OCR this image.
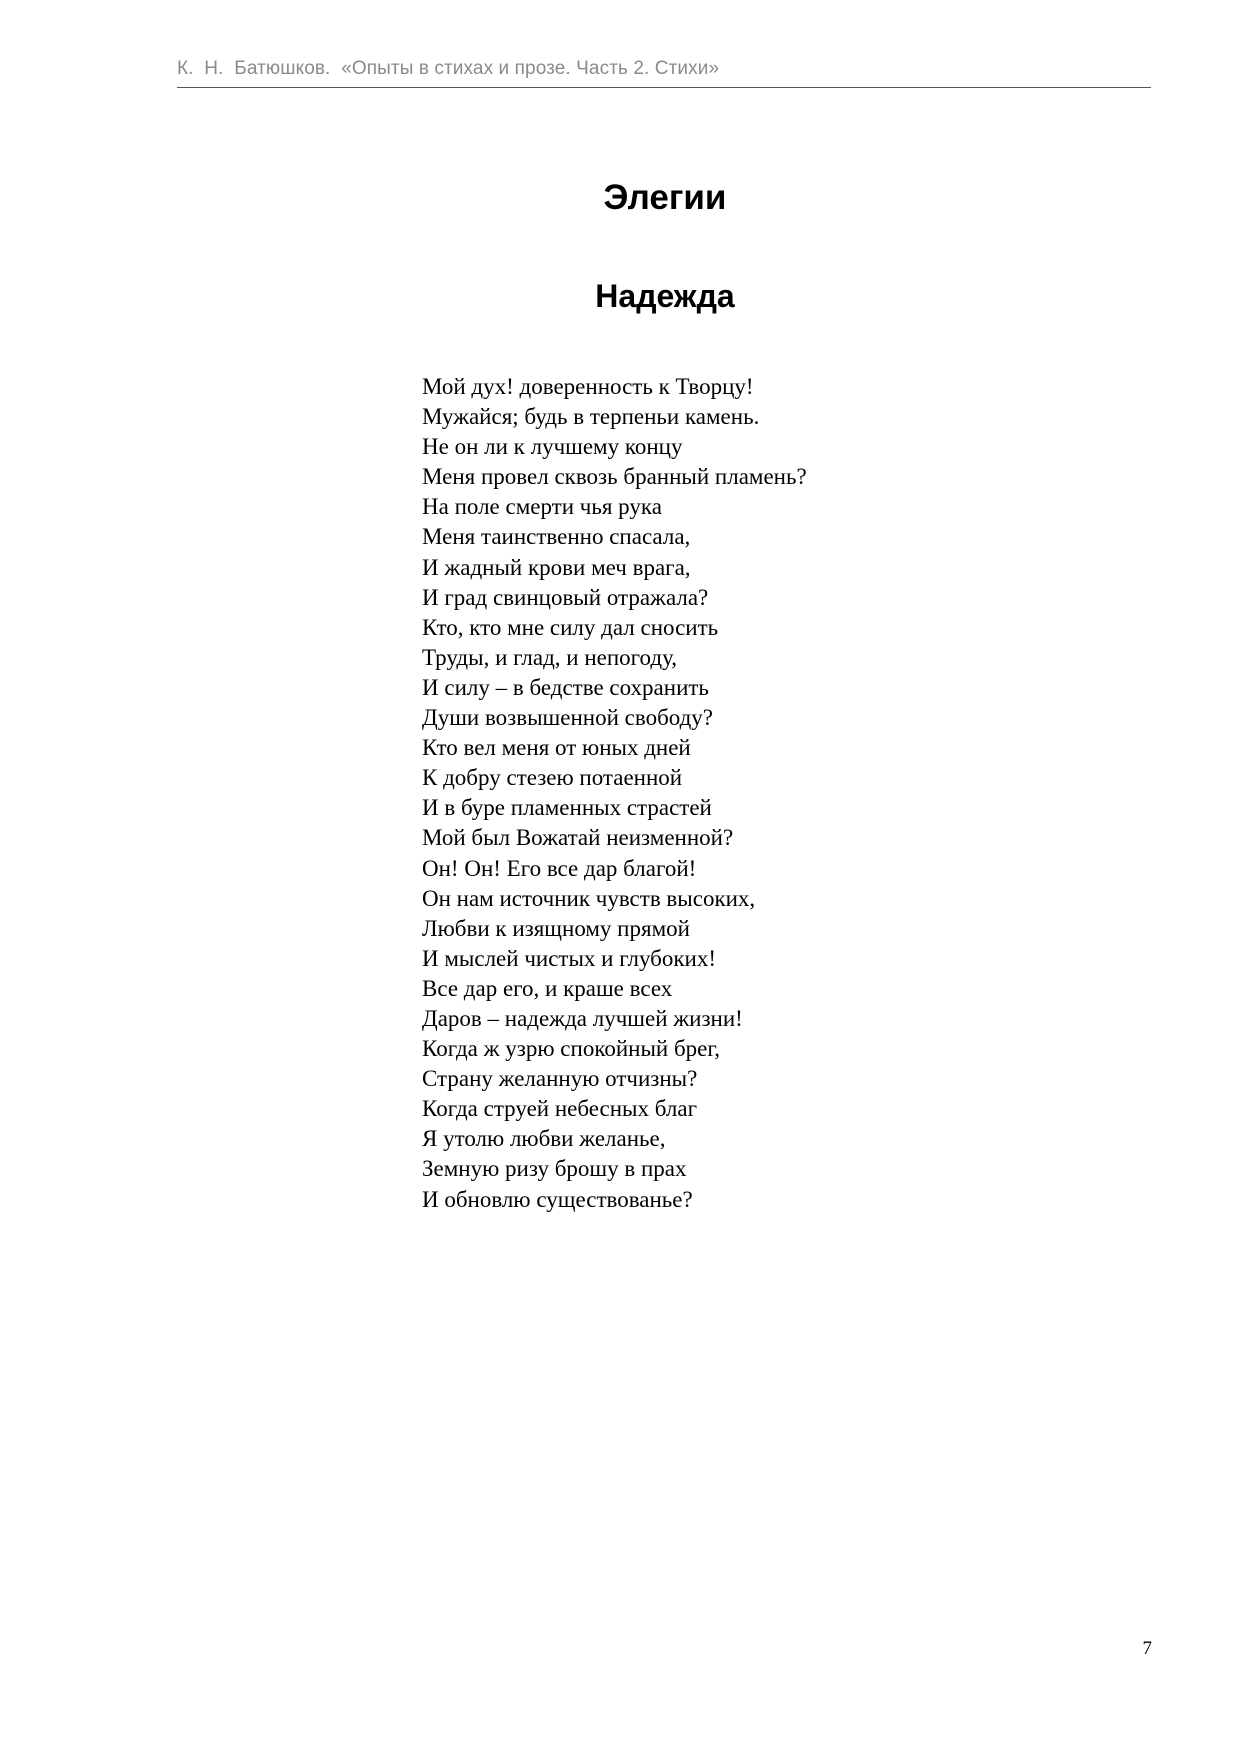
К.  Н.  Батюшков.  «Опыты в стихах и прозе. Часть 2. Стихи»
Элегии
Надежда
Мой дух! доверенность к Творцу!
Мужайся; будь в терпеньи камень.
Не он ли к лучшему концу
Меня провел сквозь бранный пламень?
На поле смерти чья рука
Меня таинственно спасала,
И жадный крови меч врага,
И град свинцовый отражала?
Кто, кто мне силу дал сносить
Труды, и глад, и непогоду,
И силу – в бедстве сохранить
Души возвышенной свободу?
Кто вел меня от юных дней
К добру стезею потаенной
И в буре пламенных страстей
Мой был Вожатай неизменной?
Он! Он! Его все дар благой!
Он нам источник чувств высоких,
Любви к изящному прямой
И мыслей чистых и глубоких!
Все дар его, и краше всех
Даров – надежда лучшей жизни!
Когда ж узрю спокойный брег,
Страну желанную отчизны?
Когда струей небесных благ
Я утолю любви желанье,
Земную ризу брошу в прах
И обновлю существованье?
7
